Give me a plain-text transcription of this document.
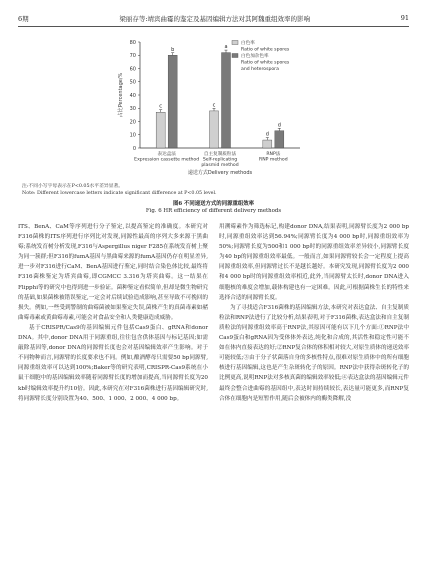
6期	梁丽存等:靖宾曲霉的鉴定及基因编辑方法对其阿魏重组效率的影响	91
0
10
20
30
40
50
60
70
80
占比Percentage/%	c
b
表达盒法
Expression cassette method
c
a
自主复制质粒法
Self-replicating
plasmid method
d
d
RNP法
RNP method
递送方式Delivery methods
白色率
Ratio of white spores
白色加杂色率
Ratio of white spores
and heterospora
注:不同小写字母表示在P<0.05水平差异显著。
Note: Different lowercase letters indicate significant difference at P<0.05 level.
图6 不同递送方式的同源重组效率
Fig. 6 HR efficiency of different delivery methods

ITS、BenA、CaM等序列进行分子鉴定,以提高鉴定的准确度。本研究对F316菌株的ITS序列进行序列比对发现,同源性最高的序列大多来源于黑曲霉;系统发育树分析发现,F316与Aspergillus niger F285在系统发育树上聚为同一簇群;但F316的fumA基因与黑曲霉来源的fumA基因仍存在明显差异,进一步对F316进行CaM、BenA基因进行鉴定,同时结合染色体比较,最终将F316菌株鉴定为塔宾曲霉,即CGMCC 3.316为塔宾曲霉。这一结果在Flipphi等的研究中也得到进一步验证。菌种鉴定看似简单,但却是微生物研究的基础,如果菌株被错误鉴定,一定会对后续试验造成影响,甚至导致不可挽回的损失。例如,一些受到警制的曲霉菌被如果鉴定失误,菌株产生的真菌毒素如赭曲霉毒素或黄曲霉毒素,可能会对食品安全和人类健康造成威胁。

基于CRISPR/Cas9的基因编辑元件包括Cas9蛋白、gRNA和donor DNA。其中,donor DNA用于同源重组,往往包含供体基因与标记基因;如需敲除基因等,donor DNA的同源臂长度也会对基因编辑效率产生影响。对于不同物种而言,同源臂的长度要求也不同。例如,酿酒酵母只需要50 bp同源臂,同源重组效率可以达到100%;Baker等的研究表明,CRISPR-Cas9系统在小鼠干细胞中的基因编辑效率随着同源臂长度的增加而提高,当同源臂长度为20 kb时编辑效率提升约10倍。因此,本研究在对F316菌株进行基因编辑研究时,将同源臂长度分别设置为40、500、1 000、2 000、4 000 bp。

用溯霉素作为筛选标记,构建donor DNA,结果表明,同源臂长度为2 000 bp时,同源重组效率达到56.94%;同源臂长度为4 000 bp时,同源重组效率为50%;同源臂长度为500和1 000 bp时的同源重组效率差异较小,同源臂长度为40 bp的同源重组效率最低。一般而言,如果同源臂较长会一定程度上提高同源重组效率,但同源臂过长不是越长越好。本研究发现,同源臂长度为2 000和4 000 bp时的同源重组效率相近,此外,当同源臂太长时,donor DNA进入细胞核的难度会增加,载体构建也有一定困难。因此,可根据菌株生长的特性来选择合适的同源臂长度。

为了寻找适合F316菌株的基因编辑方法,本研究对表达盒法、自主复制质粒法和RNP法进行了比较分析,结果表明,对于F316菌株,表达盒法和自主复制质粒法的同源重组效率高于RNP法,其原因可能有以下几个方面:①RNP法中Cas9蛋白和gRNA因为受体体外表达,纯化和合成的,其活性和稳定性可能不如在体内直接表达的好;②RNP复合体的体积相对较大,对原生质体的递送效率可能较低;③由于分子状菌落自身的多核性特点,很难对原生质体中的所有细胞核进行基因编辑,这也是产生杂斑转化子的原因。RNP法中获得杂斑转化子的比例更高,说明RNP法对多核真菌的编辑效率较低;④表达盒法的基因编辑元件最终会整合进曲霉的基因组中,表达时间持续较长,表达量可能更多,而RNP复合体在细胞内是短暂作用,随后会被体内的酶类降解,没
